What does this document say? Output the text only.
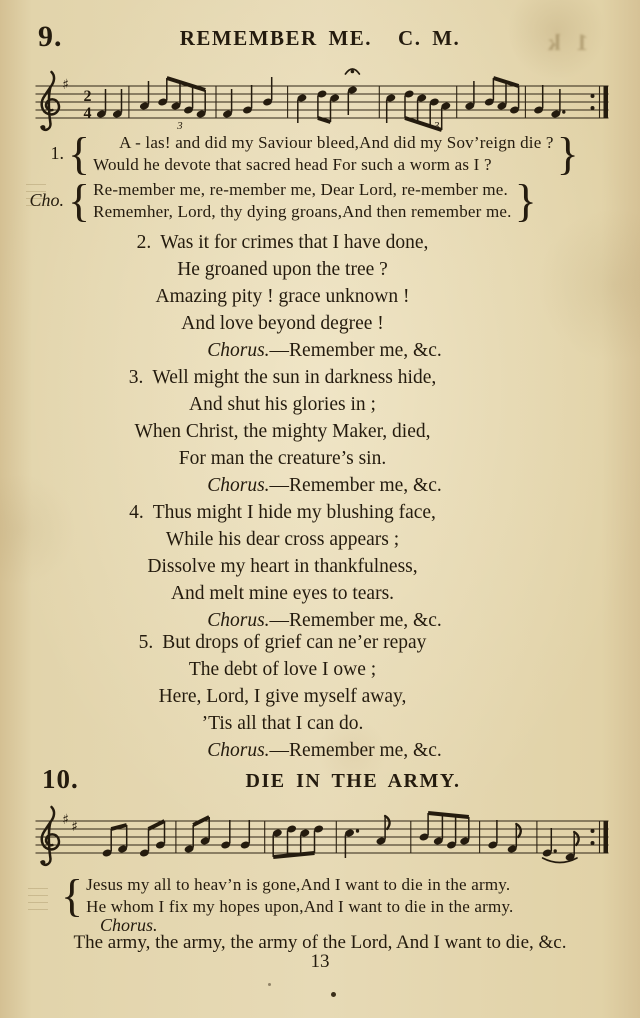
1 k
9.	REMEMBER ME. C. M.
♯
2
4
3	3
1. {	A - las! and did my Saviour bleed,And did my Sov’reign die ?
Would he devote that sacred head For such a worm as I ?	}
Cho. { Re-member me, re-member me, Dear Lord, re-member me.
Rememher, Lord, thy dying groans,And then remember me. }
2. Was it for crimes that I have done,
He groaned upon the tree ?
Amazing pity ! grace unknown !
And love beyond degree !
Chorus.—Remember me, &c.
3. Well might the sun in darkness hide,
And shut his glories in ;
When Christ, the mighty Maker, died,
For man the creature’s sin.
Chorus.—Remember me, &c.
4. Thus might I hide my blushing face,
While his dear cross appears ;
Dissolve my heart in thankfulness,
And melt mine eyes to tears.
Chorus.—Remember me, &c.
5. But drops of grief can ne’er repay
The debt of love I owe ;
Here, Lord, I give myself away,
’Tis all that I can do.
Chorus.—Remember me, &c.
10.	DIE IN THE ARMY.
♯ ♯
{ Jesus my all to heav’n is gone,And I want to die in the army.
He whom I fix my hopes upon,And I want to die in the army.
Chorus.
The army, the army, the army of the Lord, And I want to die, &c.
13
